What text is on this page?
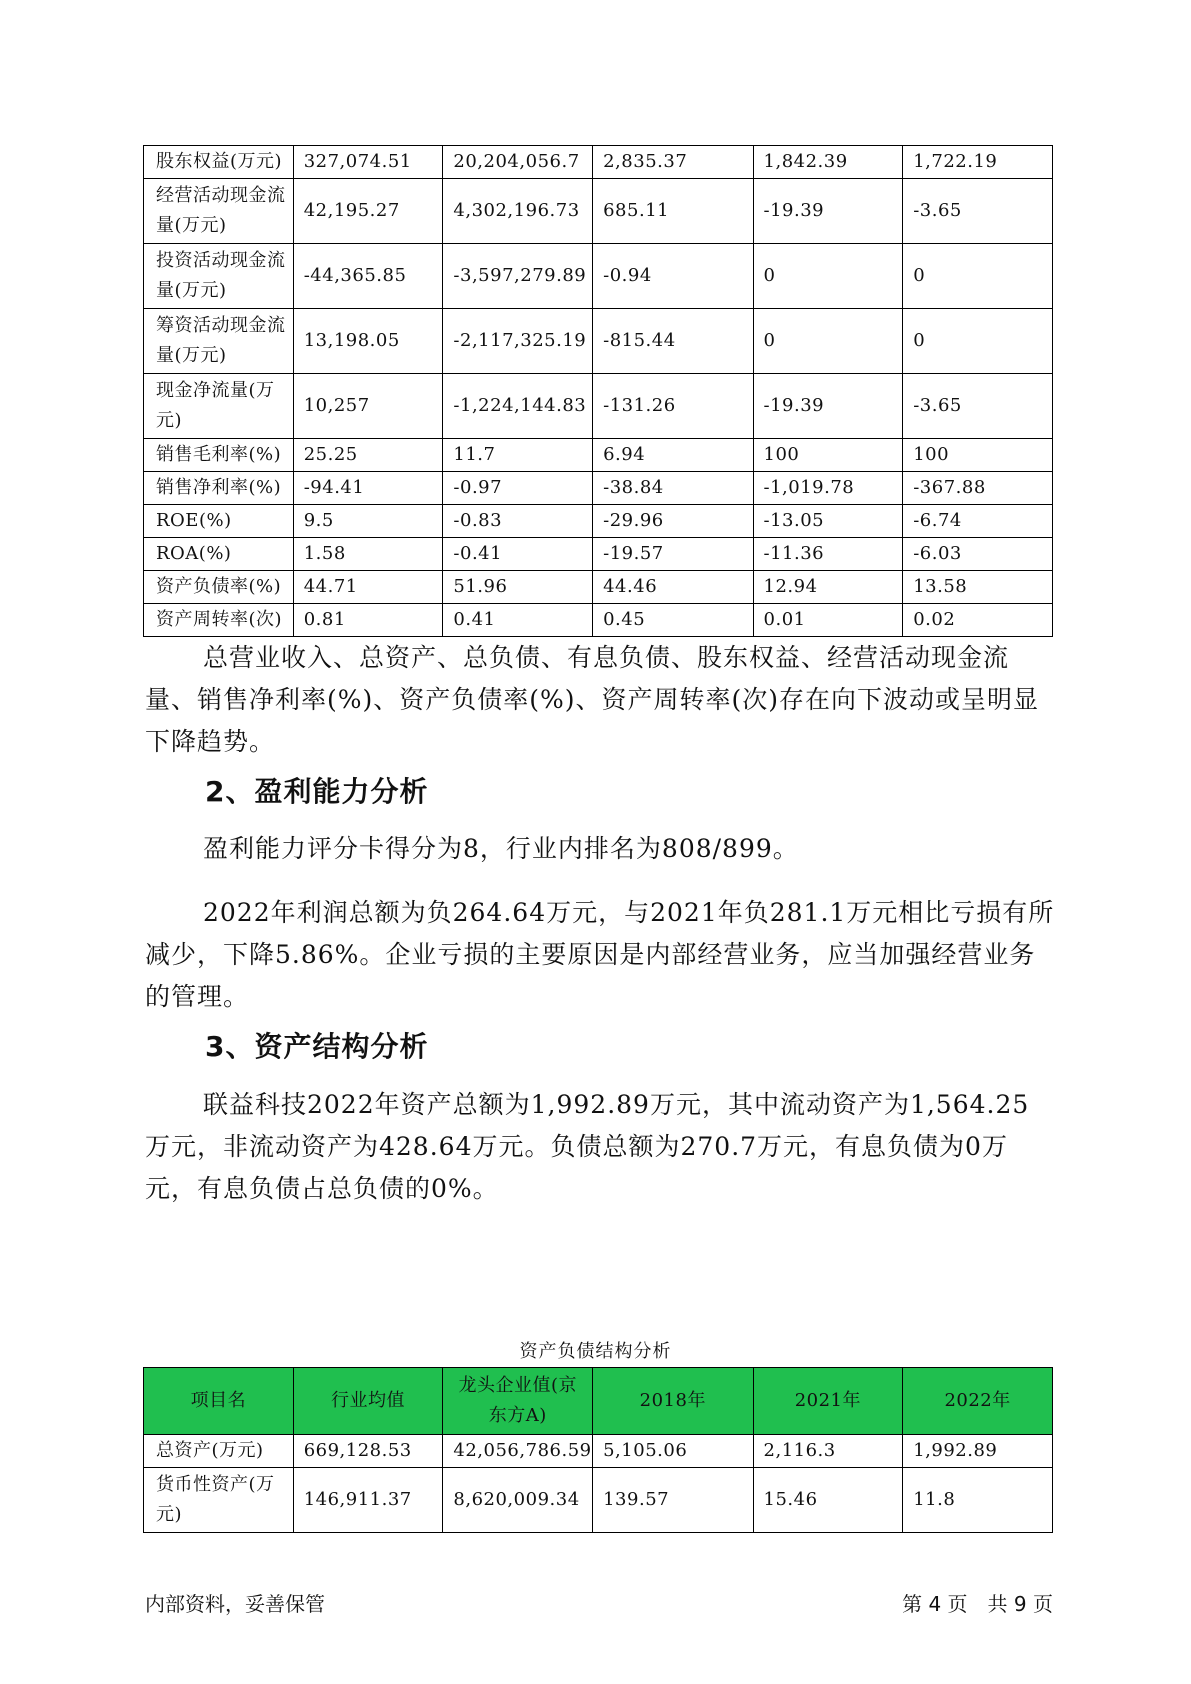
股东权益(万元)	327,074.51	20,204,056.7	2,835.37	1,842.39	1,722.19
经营活动现金流量(万元)	42,195.27	4,302,196.73	685.11	-19.39	-3.65
投资活动现金流量(万元)	-44,365.85	-3,597,279.89	-0.94	0	0
筹资活动现金流量(万元)	13,198.05	-2,117,325.19	-815.44	0	0
现金净流量(万元)	10,257	-1,224,144.83	-131.26	-19.39	-3.65
销售毛利率(%)	25.25	11.7	6.94	100	100
销售净利率(%)	-94.41	-0.97	-38.84	-1,019.78	-367.88
ROE(%)	9.5	-0.83	-29.96	-13.05	-6.74
ROA(%)	1.58	-0.41	-19.57	-11.36	-6.03
资产负债率(%)	44.71	51.96	44.46	12.94	13.58
资产周转率(次)	0.81	0.41	0.45	0.01	0.02

总营业收入、总资产、总负债、有息负债、股东权益、经营活动现金流量、销售净利率(%)、资产负债率(%)、资产周转率(次)存在向下波动或呈明显下降趋势。

2、盈利能力分析

盈利能力评分卡得分为8，行业内排名为808/899。

2022年利润总额为负264.64万元，与2021年负281.1万元相比亏损有所减少，下降5.86%。企业亏损的主要原因是内部经营业务，应当加强经营业务的管理。

3、资产结构分析

联益科技2022年资产总额为1,992.89万元，其中流动资产为1,564.25万元，非流动资产为428.64万元。负债总额为270.7万元，有息负债为0万元，有息负债占总负债的0%。

资产负债结构分析
项目名	行业均值	龙头企业值(京东方A)	2018年	2021年	2022年
总资产(万元)	669,128.53	42,056,786.59	5,105.06	2,116.3	1,992.89
货币性资产(万元)	146,911.37	8,620,009.34	139.57	15.46	11.8
内部资料，妥善保管	第 4 页　共 9 页
